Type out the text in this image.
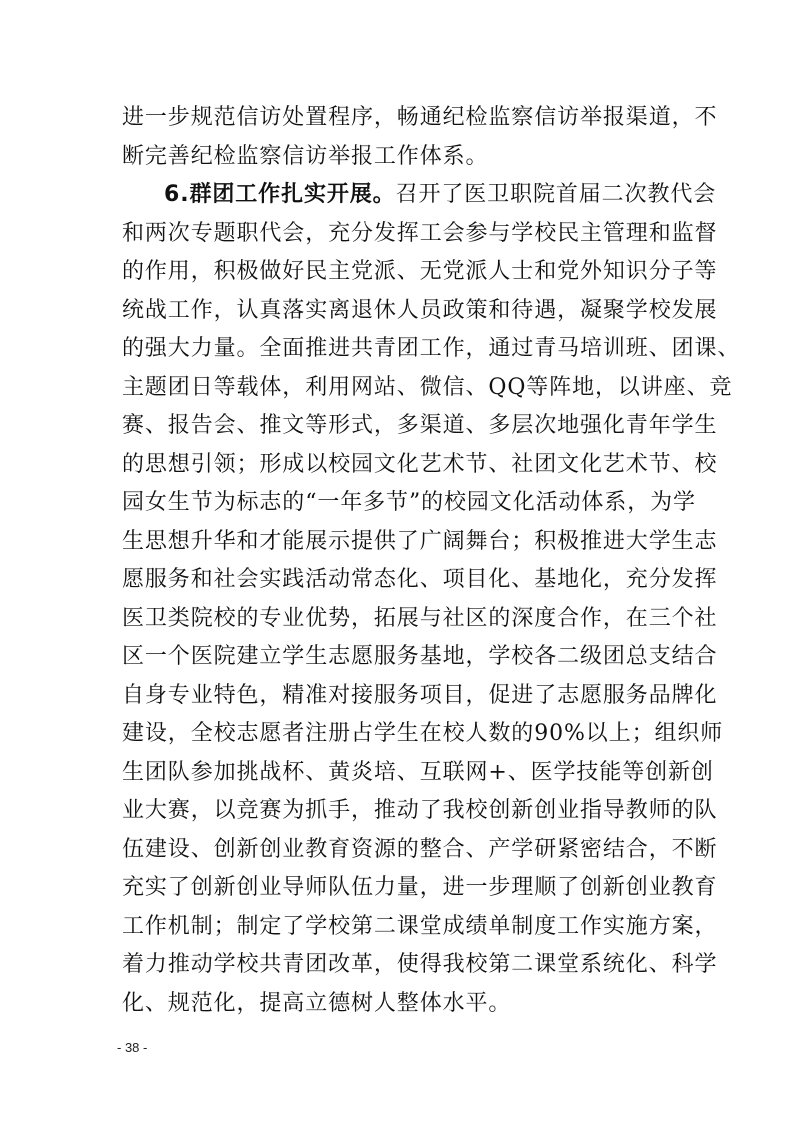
进一步规范信访处置程序，畅通纪检监察信访举报渠道，不
断完善纪检监察信访举报工作体系。
6.群团工作扎实开展。召开了医卫职院首届二次教代会
和两次专题职代会，充分发挥工会参与学校民主管理和监督
的作用，积极做好民主党派、无党派人士和党外知识分子等
统战工作，认真落实离退休人员政策和待遇，凝聚学校发展
的强大力量。全面推进共青团工作，通过青马培训班、团课、
主题团日等载体，利用网站、微信、QQ等阵地，以讲座、竞
赛、报告会、推文等形式，多渠道、多层次地强化青年学生
的思想引领；形成以校园文化艺术节、社团文化艺术节、校
园女生节为标志的“一年多节”的校园文化活动体系，为学
生思想升华和才能展示提供了广阔舞台；积极推进大学生志
愿服务和社会实践活动常态化、项目化、基地化，充分发挥
医卫类院校的专业优势，拓展与社区的深度合作，在三个社
区一个医院建立学生志愿服务基地，学校各二级团总支结合
自身专业特色，精准对接服务项目，促进了志愿服务品牌化
建设，全校志愿者注册占学生在校人数的90%以上；组织师
生团队参加挑战杯、黄炎培、互联网+、医学技能等创新创
业大赛，以竞赛为抓手，推动了我校创新创业指导教师的队
伍建设、创新创业教育资源的整合、产学研紧密结合，不断
充实了创新创业导师队伍力量，进一步理顺了创新创业教育
工作机制；制定了学校第二课堂成绩单制度工作实施方案，
着力推动学校共青团改革，使得我校第二课堂系统化、科学
化、规范化，提高立德树人整体水平。
- 38 -
